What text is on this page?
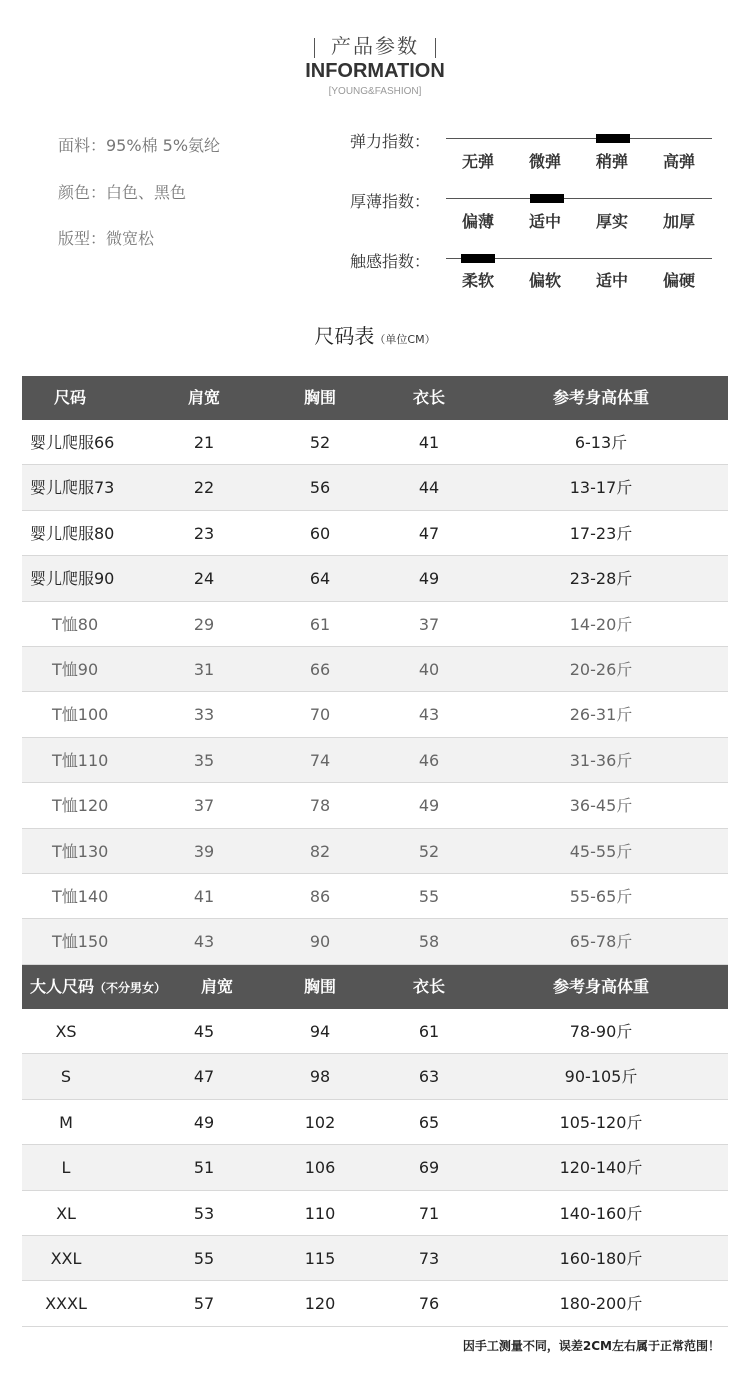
产品参数
INFORMATION
[YOUNG&FASHION]
面料：95%棉 5%氨纶
颜色：白色、黑色
版型：微宽松
弹力指数：
无弹	微弹	稍弹	高弹
厚薄指数：
偏薄	适中	厚实	加厚
触感指数：
柔软	偏软	适中	偏硬
尺码表（单位CM）
尺码	肩宽	胸围	衣长	参考身高体重
婴儿爬服66	21	52	41	6-13斤
婴儿爬服73	22	56	44	13-17斤
婴儿爬服80	23	60	47	17-23斤
婴儿爬服90	24	64	49	23-28斤
T恤80	29	61	37	14-20斤
T恤90	31	66	40	20-26斤
T恤100	33	70	43	26-31斤
T恤110	35	74	46	31-36斤
T恤120	37	78	49	36-45斤
T恤130	39	82	52	45-55斤
T恤140	41	86	55	55-65斤
T恤150	43	90	58	65-78斤
大人尺码（不分男女）	肩宽	胸围	衣长	参考身高体重
XS	45	94	61	78-90斤
S	47	98	63	90-105斤
M	49	102	65	105-120斤
L	51	106	69	120-140斤
XL	53	110	71	140-160斤
XXL	55	115	73	160-180斤
XXXL	57	120	76	180-200斤
因手工测量不同，误差2CM左右属于正常范围！
